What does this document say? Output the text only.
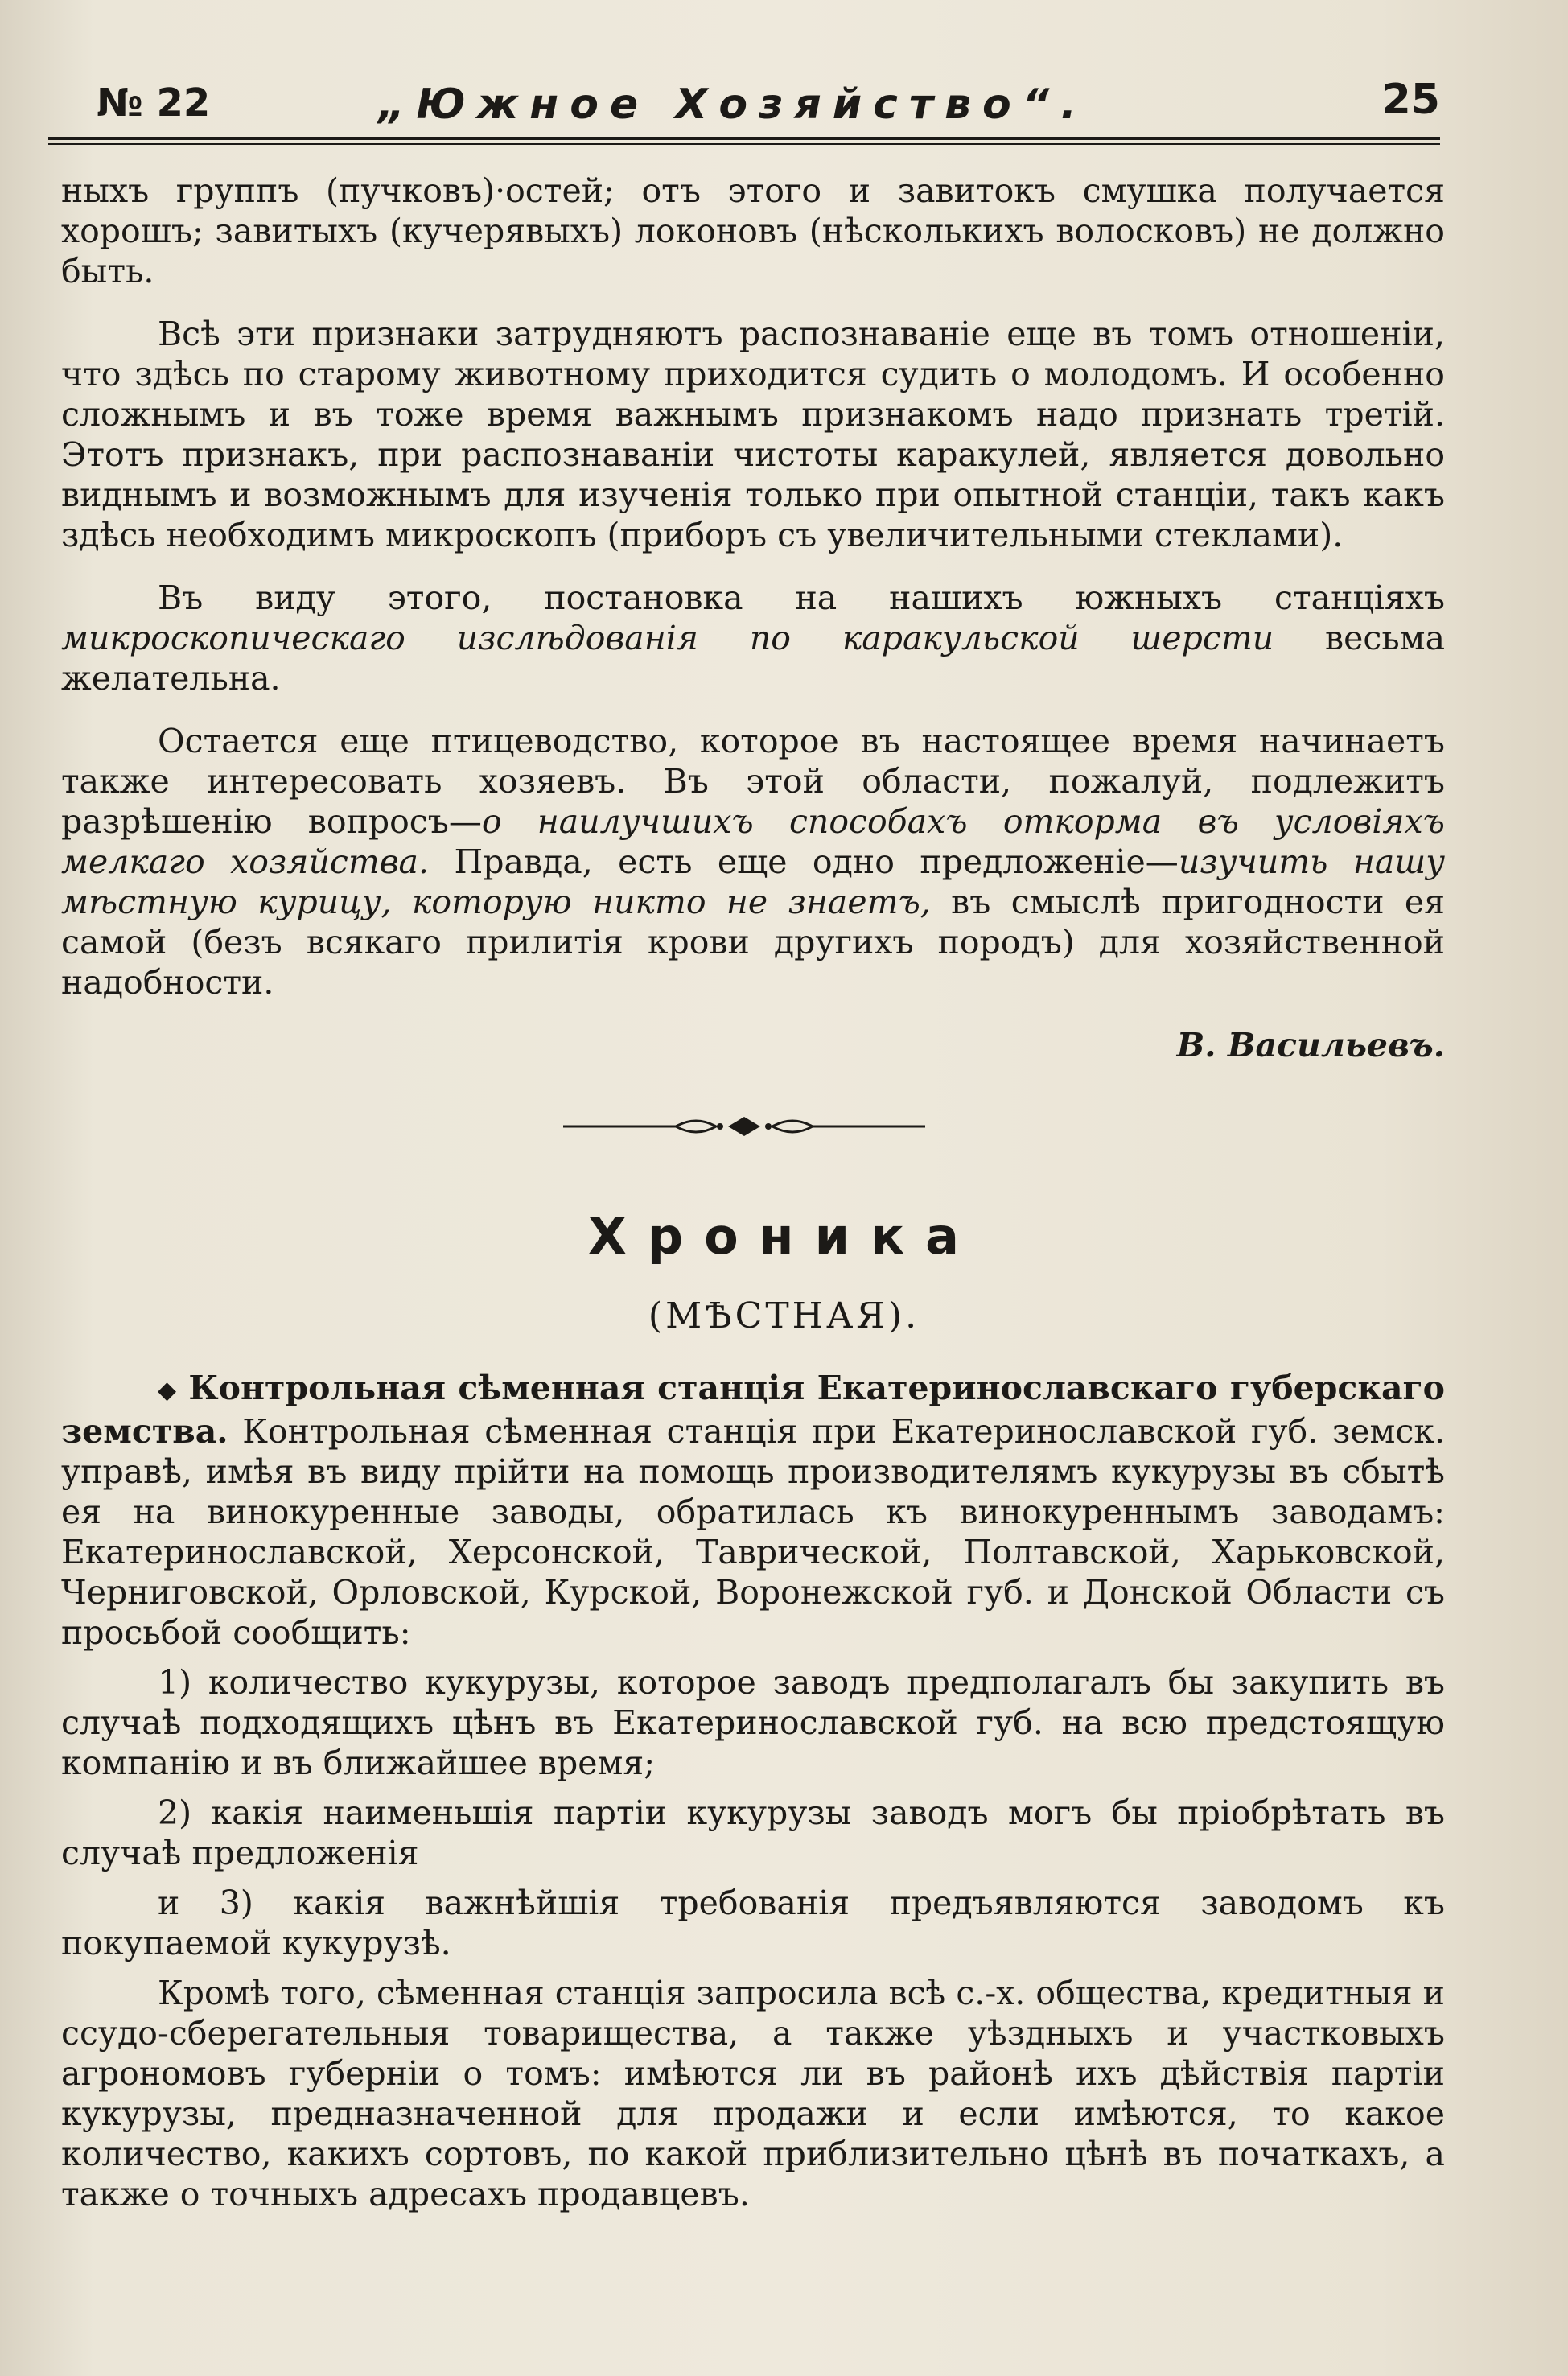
№ 22	„Южное Хозяйство“.	25

ныхъ группъ (пучковъ)·остей; отъ этого и завитокъ смушка получается хорошъ; завитыхъ (кучерявыхъ) локоновъ (нѣсколькихъ волосковъ) не должно быть.

Всѣ эти признаки затрудняютъ распознаванiе еще въ томъ отношенiи, что здѣсь по старому животному приходится судить о молодомъ. И особенно сложнымъ и въ тоже время важнымъ признакомъ надо признать третiй. Этотъ признакъ, при распознаванiи чистоты каракулей, является довольно виднымъ и возможнымъ для изученiя только при опытной станцiи, такъ какъ здѣсь необходимъ микроскопъ (приборъ съ увеличительными стеклами).

Въ виду этого, постановка на нашихъ южныхъ станцiяхъ микроскопическаго изслѣдованiя по каракульской шерсти весьма желательна.

Остается еще птицеводство, которое въ настоящее время начинаетъ также интересовать хозяевъ. Въ этой области, пожалуй, подлежитъ разрѣшенiю вопросъ—о наилучшихъ способахъ откорма въ условiяхъ мелкаго хозяйства. Правда, есть еще одно предложенiе—изучить нашу мѣстную курицу, которую никто не знаетъ, въ смыслѣ пригодности ея самой (безъ всякаго прилитiя крови другихъ породъ) для хозяйственной надобности.

В. Васильевъ.

Хроника
(МѢСТНАЯ).

◆ Контрольная сѣменная станцiя Екатеринославскаго губерскаго земства. Контрольная сѣменная станцiя при Екатеринославской губ. земск. управѣ, имѣя въ виду прiйти на помощь производителямъ кукурузы въ сбытѣ ея на винокуренные заводы, обратилась къ винокуреннымъ заводамъ: Екатеринославской, Херсонской, Таврической, Полтавской, Харьковской, Черниговской, Орловской, Курской, Воронежской губ. и Донской Области съ просьбой сообщить:

1) количество кукурузы, которое заводъ предполагалъ бы закупить въ случаѣ подходящихъ цѣнъ въ Екатеринославской губ. на всю предстоящую компанiю и въ ближайшее время;

2) какiя наименьшiя партiи кукурузы заводъ могъ бы прiобрѣтать въ случаѣ предложенiя

и 3) какiя важнѣйшiя требованiя предъявляются заводомъ къ покупаемой кукурузѣ.

Кромѣ того, сѣменная станцiя запросила всѣ с.-х. общества, кредитныя и ссудо-сберегательныя товарищества, а также уѣздныхъ и участковыхъ агрономовъ губернiи о томъ: имѣются ли въ районѣ ихъ дѣйствiя партiи кукурузы, предназначенной для продажи и если имѣются, то какое количество, какихъ сортовъ, по какой приблизительно цѣнѣ въ початкахъ, а также о точныхъ адресахъ продавцевъ.
